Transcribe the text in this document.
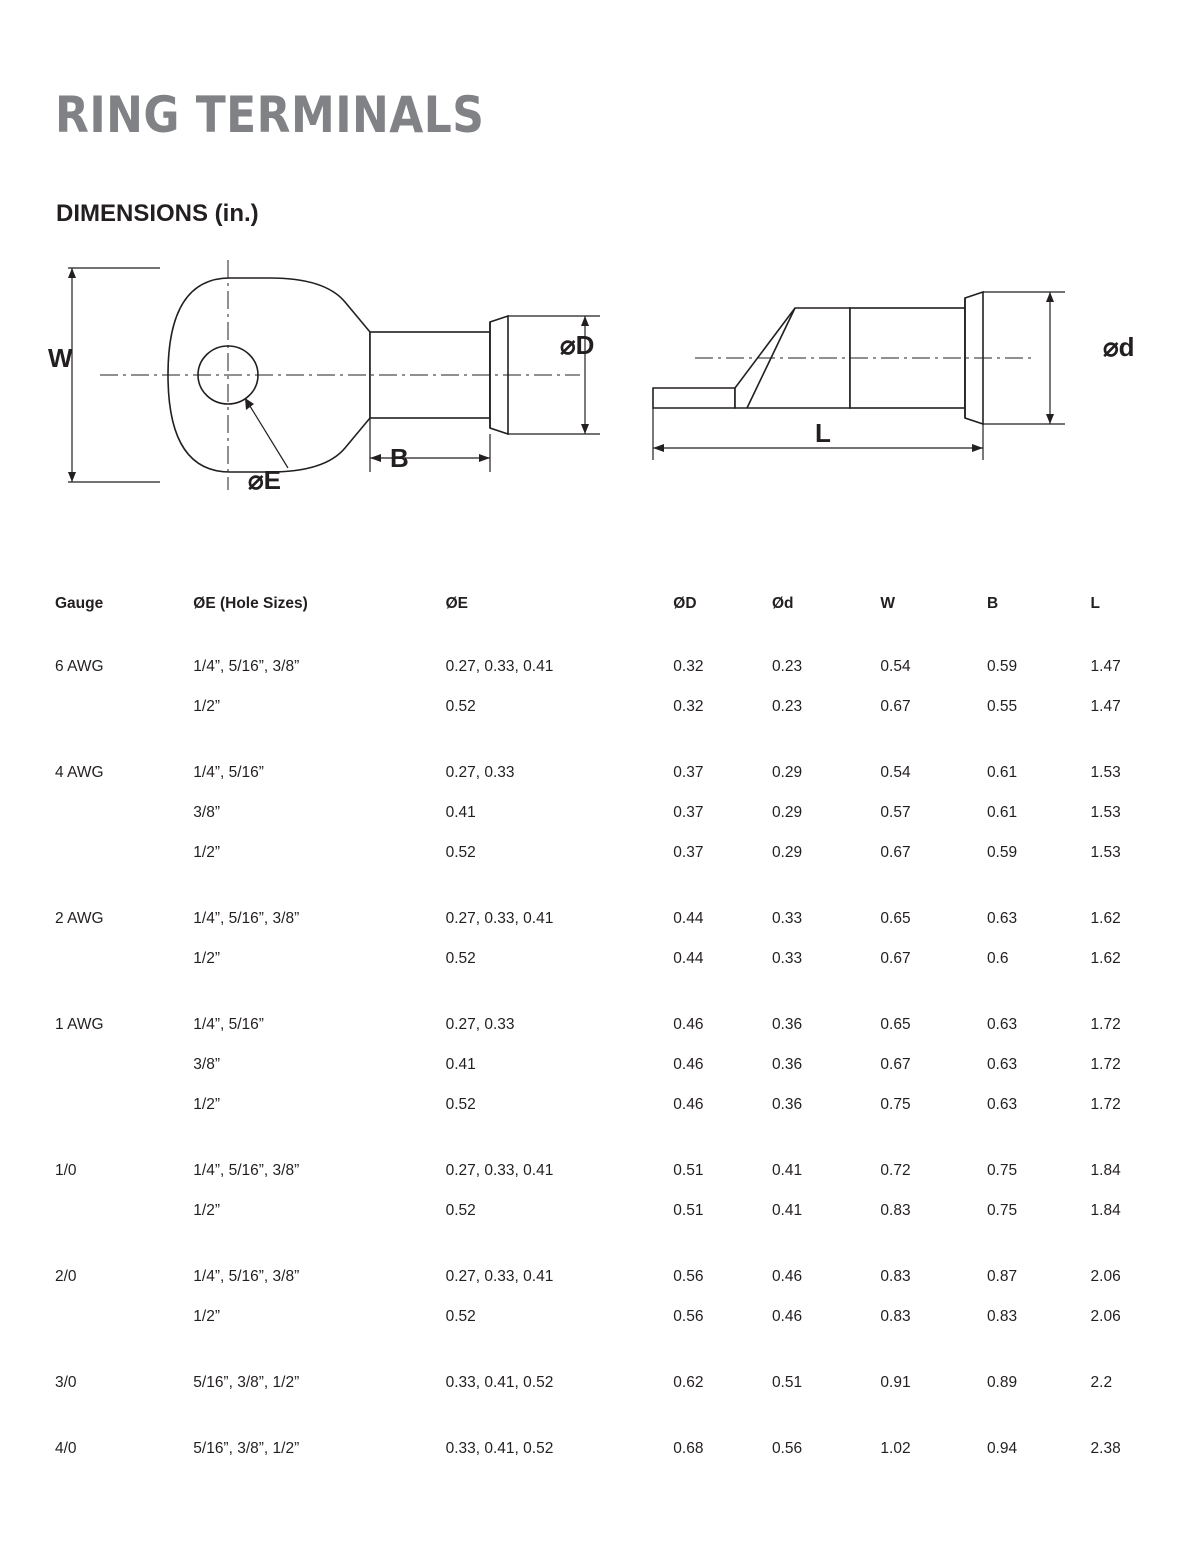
RING TERMINALS
DIMENSIONS (in.)
W	⌀D
B
⌀E
⌀d
L
Gauge	ØE (Hole Sizes)	ØE	ØD	Ød	W	B	L
6 AWG	1/4”, 5/16”, 3/8”	0.27, 0.33, 0.41	0.32	0.23	0.54	0.59	1.47
	1/2”	0.52	0.32	0.23	0.67	0.55	1.47

4 AWG	1/4”, 5/16”	0.27, 0.33	0.37	0.29	0.54	0.61	1.53
	3/8”	0.41	0.37	0.29	0.57	0.61	1.53
	1/2”	0.52	0.37	0.29	0.67	0.59	1.53

2 AWG	1/4”, 5/16”, 3/8”	0.27, 0.33, 0.41	0.44	0.33	0.65	0.63	1.62
	1/2”	0.52	0.44	0.33	0.67	0.6	1.62

1 AWG	1/4”, 5/16”	0.27, 0.33	0.46	0.36	0.65	0.63	1.72
	3/8”	0.41	0.46	0.36	0.67	0.63	1.72
	1/2”	0.52	0.46	0.36	0.75	0.63	1.72

1/0	1/4”, 5/16”, 3/8”	0.27, 0.33, 0.41	0.51	0.41	0.72	0.75	1.84
	1/2”	0.52	0.51	0.41	0.83	0.75	1.84

2/0	1/4”, 5/16”, 3/8”	0.27, 0.33, 0.41	0.56	0.46	0.83	0.87	2.06
	1/2”	0.52	0.56	0.46	0.83	0.83	2.06

3/0	5/16”, 3/8”, 1/2”	0.33, 0.41, 0.52	0.62	0.51	0.91	0.89	2.2

4/0	5/16”, 3/8”, 1/2”	0.33, 0.41, 0.52	0.68	0.56	1.02	0.94	2.38
